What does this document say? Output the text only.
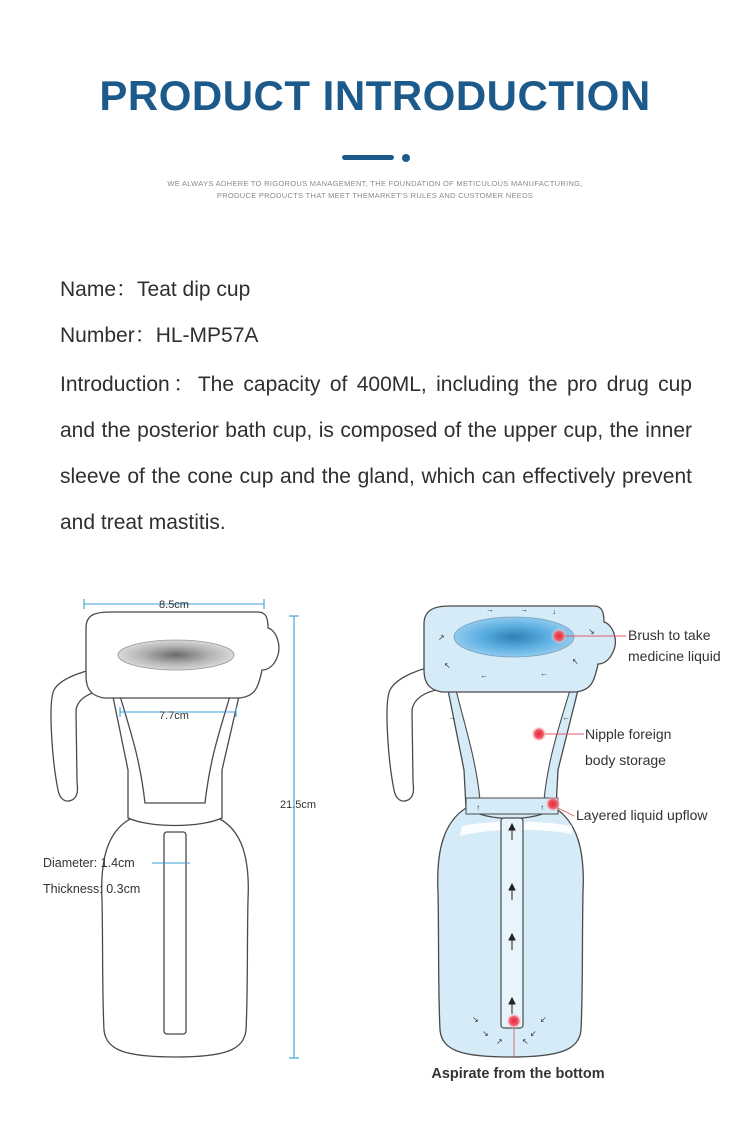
PRODUCT INTRODUCTION
WE ALWAYS ADHERE TO RIGOROUS MANAGEMENT, THE FOUNDATION OF METICULOUS MANUFACTURING,
PRODUCE PRODUCTS THAT MEET THEMARKET'S RULES AND CUSTOMER NEEDS
Name：Teat dip cup
Number：HL-MP57A
Introduction：The capacity of 400ML, including the pro drug cup and the posterior bath cup, is composed of the upper cup, the inner sleeve of the cone cup and the gland, which can effectively prevent and treat mastitis.
8.5cm
7.7cm
21.5cm
Diameter: 1.4cm
Thickness: 0.3cm
→	→	↓
↘
↗
↖
←	←
↖
↘
↘
↙
↙
↗ ↖
→	←
↑	↑
Brush to take
medicine liquid
Nipple foreign
body storage
Layered liquid upflow
Aspirate from the bottom
